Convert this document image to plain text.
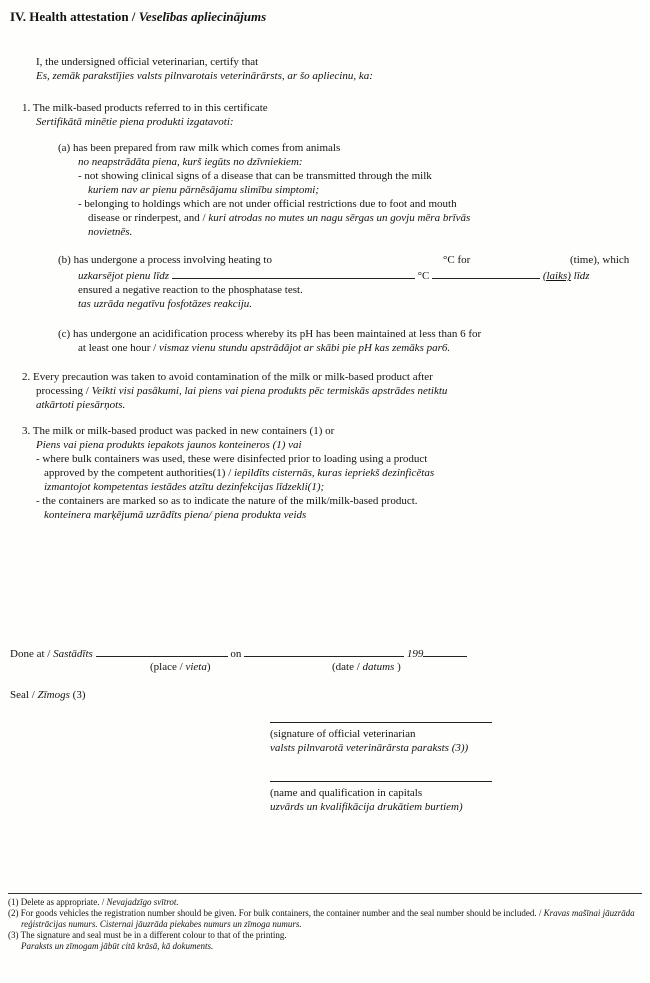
IV. Health attestation / Veselības apliecinājums
I, the undersigned official veterinarian, certify that
Es, zemāk parakstījies valsts pilnvarotais veterinārārsts, ar šo apliecinu, ka:
1. The milk-based products referred to in this certificate
Sertifikātā minētie piena produkti izgatavoti:
(a) has been prepared from raw milk which comes from animals
no neapstrādāta piena, kurš iegūts no dzīvniekiem:
- not showing clinical signs of a disease that can be transmitted through the milk
kuriem nav ar pienu pārnēsājamu slimību simptomi;
- belonging to holdings which are not under official restrictions due to foot and mouth
disease or rinderpest, and / kuri atrodas no mutes un nagu sērgas un govju mēra brīvās
novietnēs.
(b) has undergone a process involving heating to	°C for	(time), which
uzkarsējot pienu līdz	°C	(laiks) līdz
ensured a negative reaction to the phosphatase test.
tas uzrāda negatīvu fosfotāzes reakciju.
(c) has undergone an acidification process whereby its pH has been maintained at less than 6 for
at least one hour / vismaz vienu stundu apstrādājot ar skābi pie pH kas zemāks par6.
2. Every precaution was taken to avoid contamination of the milk or milk-based product after
processing / Veikti visi pasākumi, lai piens vai piena produkts pēc termiskās apstrādes netiktu
atkārtoti piesārņots.
3. The milk or milk-based product was packed in new containers (1) or
Piens vai piena produkts iepakots jaunos konteineros (1) vai
- where bulk containers was used, these were disinfected prior to loading using a product
approved by the competent authorities(1) / iepildīts cisternās, kuras iepriekš dezinficētas
izmantojot kompetentas iestādes atzītu dezinfekcijas līdzekli(1);
- the containers are marked so as to indicate the nature of the milk/milk-based product.
konteinera marķējumā uzrādīts piena/ piena produkta veids
Done at / Sastādīts	on	199
(place / vieta)	(date / datums )
Seal / Zīmogs (3)
(signature of official veterinarian
valsts pilnvarotā veterinārārsta paraksts (3))
(name and qualification in capitals
uzvārds un kvalifikācija drukātiem burtiem)
(1) Delete as appropriate. / Nevajadzīgo svītrot.
(2) For goods vehicles the registration number should be given. For bulk containers, the container number and the seal number should be included. / Kravas mašīnai jāuzrāda reģistrācijas numurs. Cisternai jāuzrāda piekabes numurs un zīmoga numurs.
(3) The signature and seal must be in a different colour to that of the printing.
Paraksts un zīmogam jābūt citā krāsā, kā dokuments.
